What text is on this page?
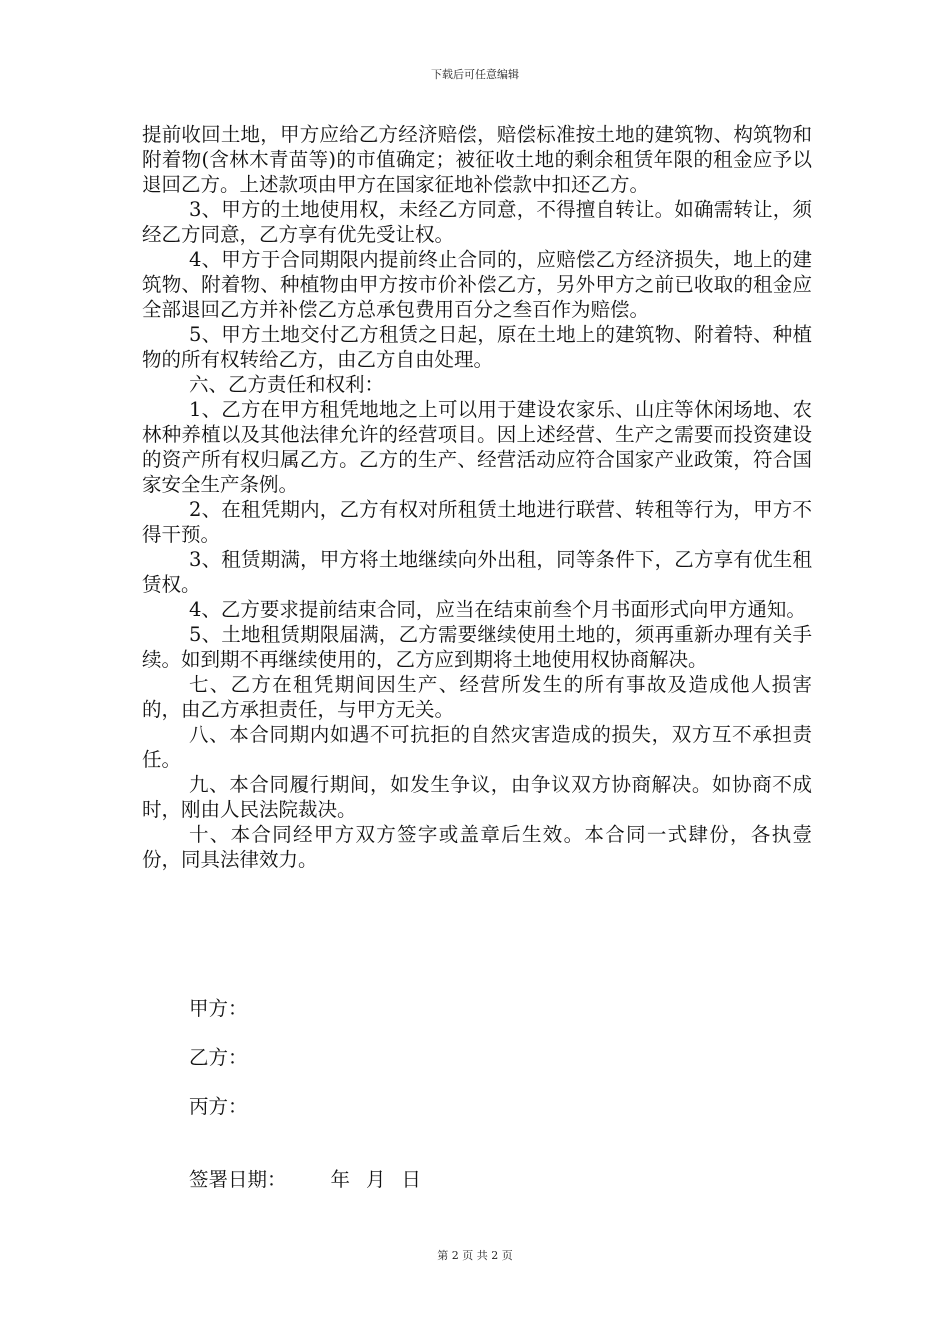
下载后可任意编辑

提前收回土地，甲方应给乙方经济赔偿，赔偿标准按土地的建筑物、构筑物和附着物(含林木青苗等)的市值确定；被征收土地的剩余租赁年限的租金应予以退回乙方。上述款项由甲方在国家征地补偿款中扣还乙方。

3、甲方的土地使用权，未经乙方同意，不得擅自转让。如确需转让，须经乙方同意，乙方享有优先受让权。

4、甲方于合同期限内提前终止合同的，应赔偿乙方经济损失，地上的建筑物、附着物、种植物由甲方按市价补偿乙方，另外甲方之前已收取的租金应全部退回乙方并补偿乙方总承包费用百分之叁百作为赔偿。

5、甲方土地交付乙方租赁之日起，原在土地上的建筑物、附着特、种植物的所有权转给乙方，由乙方自由处理。

六、乙方责任和权利：

1、乙方在甲方租凭地地之上可以用于建设农家乐、山庄等休闲场地、农林种养植以及其他法律允许的经营项目。因上述经营、生产之需要而投资建设的资产所有权归属乙方。乙方的生产、经营活动应符合国家产业政策，符合国家安全生产条例。

2、在租凭期内，乙方有权对所租赁土地进行联营、转租等行为，甲方不得干预。

3、租赁期满，甲方将土地继续向外出租，同等条件下，乙方享有优生租赁权。

4、乙方要求提前结束合同，应当在结束前叁个月书面形式向甲方通知。

5、土地租赁期限届满，乙方需要继续使用土地的，须再重新办理有关手续。如到期不再继续使用的，乙方应到期将土地使用权协商解决。

七、乙方在租凭期间因生产、经营所发生的所有事故及造成他人损害的，由乙方承担责任，与甲方无关。

八、本合同期内如遇不可抗拒的自然灾害造成的损失，双方互不承担责任。

九、本合同履行期间，如发生争议，由争议双方协商解决。如协商不成时，刚由人民法院裁决。

十、本合同经甲方双方签字或盖章后生效。本合同一式肆份，各执壹份，同具法律效力。

甲方：
乙方：
丙方：
签署日期： 年 月 日
第 2 页 共 2 页
